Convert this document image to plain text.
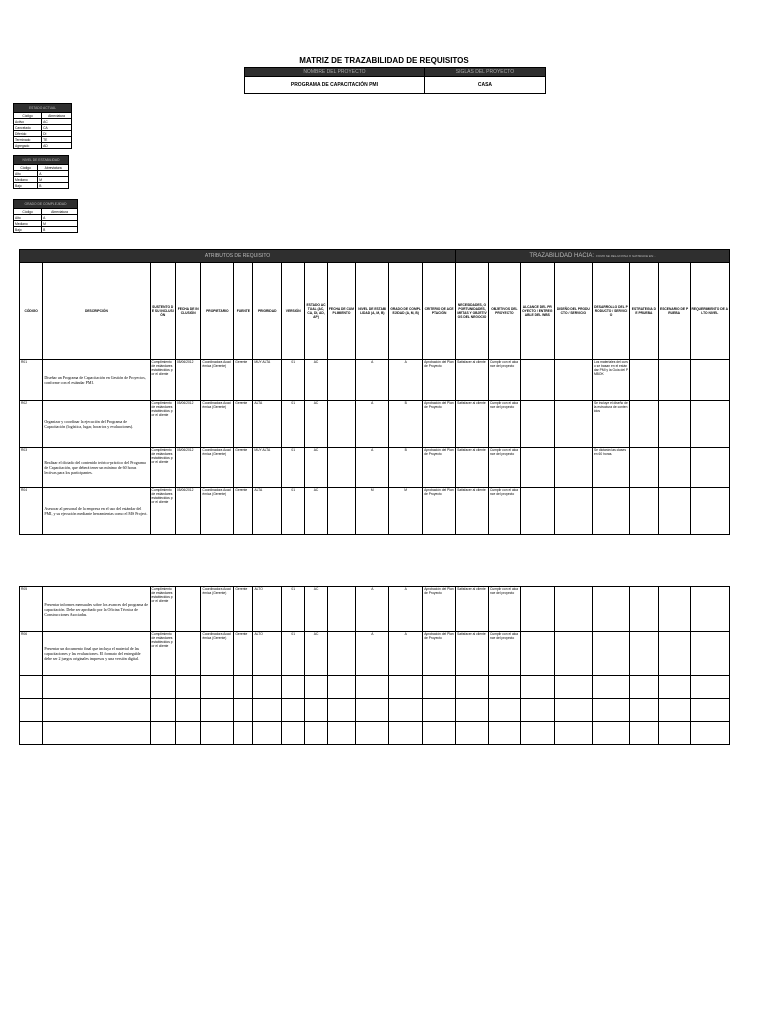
MATRIZ DE TRAZABILIDAD DE REQUISITOS
NOMBRE DEL PROYECTO	SIGLAS DEL PROYECTO
PROGRAMA DE CAPACITACIÓN PMI	CASA
ESTADO ACTUAL	
Código	Abreviatura
Activo	AC
Cancelado	CA
Diferido	DI
Terminado	TE
Agregado	AD
NIVEL DE ESTABILIDAD	
Código	Abreviatura
Alto	A
Mediano	M
Bajo	B
GRADO DE COMPLEJIDAD	
Código	Abreviatura
Alto	A
Mediano	M
Bajo	B
ATRIBUTOS DE REQUISITO													TRAZABILIDAD HACIA: COMO SE RELACIONA O SATISFACE EN...							
CÓDIGO	DESCRIPCIÓN	SUSTENTO DE SU INCLUSIÓN	FECHA DE INCLUSIÓN	PROPIETARIO	FUENTE	PRIORIDAD	VERSIÓN	ESTADO ACTUAL (AC, CA, DI, AD, AP)	FECHA DE CUMPLIMIENTO	NIVEL DE ESTABILIDAD (A, M, B)	GRADO DE COMPLEJIDAD (A, M, B)	CRITERIO DE ACEPTACIÓN	NECESIDADES, OPORTUNIDADES, METAS Y OBJETIVOS DEL NEGOCIO	OBJETIVOS DEL PROYECTO	ALCANCE DEL PROYECTO / ENTREGABLE DEL WBS	DISEÑO DEL PRODUCTO / SERVICIO	DESARROLLO DEL PRODUCTO / SERVICIO	ESTRATEGIA DE PRUEBA	ESCENARIO DE PRUEBA	REQUERIMIENTO DE ALTO NIVEL
R01	Diseñar un Programa de Capacitación en Gestión de Proyectos, conforme con el estándar PMI.	Cumplimiento de estándares establecidos por el cliente	05/06/2012	Coordinadora Académica (Gerente)	Gerente	MUY ALTA	01	AC		A	A	Aprobación del Plan de Proyecto	Satisfacer al cliente	Cumplir con el alcance del proyecto			Los materiales del curso se basan en el estándar PMI y la Guía del PMBOK			
R02	Organizar y coordinar la ejecución del Programa de Capacitación (logística, lugar, horarios y evaluaciones).	Cumplimiento de estándares establecidos por el cliente	05/06/2012	Coordinadora Académica (Gerente)	Gerente	ALTA	01	AC		A	B	Aprobación del Plan de Proyecto	Satisfacer al cliente	Cumplir con el alcance del proyecto			Se incluye el diseño de la estructura de contenidos			
R03	Realizar el dictado del contenido teórico-práctico del Programa de Capacitación, que deberá tener un mínimo de 60 horas lectivas para los participantes.	Cumplimiento de estándares establecidos por el cliente	05/06/2012	Coordinadora Académica (Gerente)	Gerente	MUY ALTA	01	AC		A	B	Aprobación del Plan de Proyecto	Satisfacer al cliente	Cumplir con el alcance del proyecto			Se dictarán las clases en 60 horas.			
R04	Asesorar al personal de la empresa en el uso del estándar del PMI, y su ejecución mediante herramientas como el MS Project.	Cumplimiento de estándares establecidos por el cliente	05/06/2012	Coordinadora Académica (Gerente)	Gerente	ALTA	01	AC		M	M	Aprobación del Plan de Proyecto	Satisfacer al cliente	Cumplir con el alcance del proyecto						
R05	Presentar informes mensuales sobre los avances del programa de capacitación. Debe ser aprobado por la Oficina Técnica de Construcciones Asociadas.	Cumplimiento de estándares establecidos por el cliente		Coordinadora Académica (Gerente)	Gerente	ALTO	01	AC		A	A	Aprobación del Plan de Proyecto	Satisfacer al cliente	Cumplir con el alcance del proyecto						
R06	Presentar un documento final que incluya el material de las capacitaciones y las evaluaciones. El formato del entregable debe ser 2 juegos originales impresos y una versión digital.	Cumplimiento de estándares establecidos por el cliente		Coordinadora Académica (Gerente)	Gerente	ALTO	01	AC		A	A	Aprobación del Plan de Proyecto	Satisfacer al cliente	Cumplir con el alcance del proyecto						
